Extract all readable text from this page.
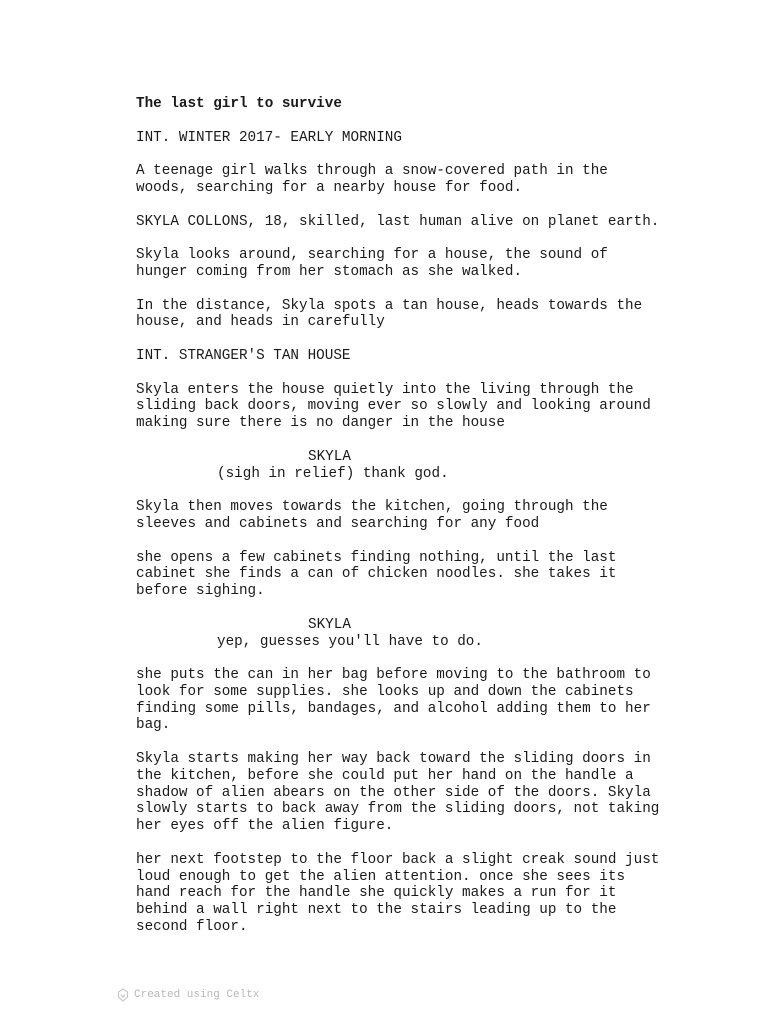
The last girl to survive
INT. WINTER 2017- EARLY MORNING
A teenage girl walks through a snow-covered path in the
woods, searching for a nearby house for food.
SKYLA COLLONS, 18, skilled, last human alive on planet earth.
Skyla looks around, searching for a house, the sound of
hunger coming from her stomach as she walked.
In the distance, Skyla spots a tan house, heads towards the
house, and heads in carefully
INT. STRANGER'S TAN HOUSE
Skyla enters the house quietly into the living through the
sliding back doors, moving ever so slowly and looking around
making sure there is no danger in the house
SKYLA
(sigh in relief) thank god.
Skyla then moves towards the kitchen, going through the
sleeves and cabinets and searching for any food
she opens a few cabinets finding nothing, until the last
cabinet she finds a can of chicken noodles. she takes it
before sighing.
SKYLA
yep, guesses you'll have to do.
she puts the can in her bag before moving to the bathroom to
look for some supplies. she looks up and down the cabinets
finding some pills, bandages, and alcohol adding them to her
bag.
Skyla starts making her way back toward the sliding doors in
the kitchen, before she could put her hand on the handle a
shadow of alien abears on the other side of the doors. Skyla
slowly starts to back away from the sliding doors, not taking
her eyes off the alien figure.
her next footstep to the floor back a slight creak sound just
loud enough to get the alien attention. once she sees its
hand reach for the handle she quickly makes a run for it
behind a wall right next to the stairs leading up to the
second floor.
Created using Celtx
